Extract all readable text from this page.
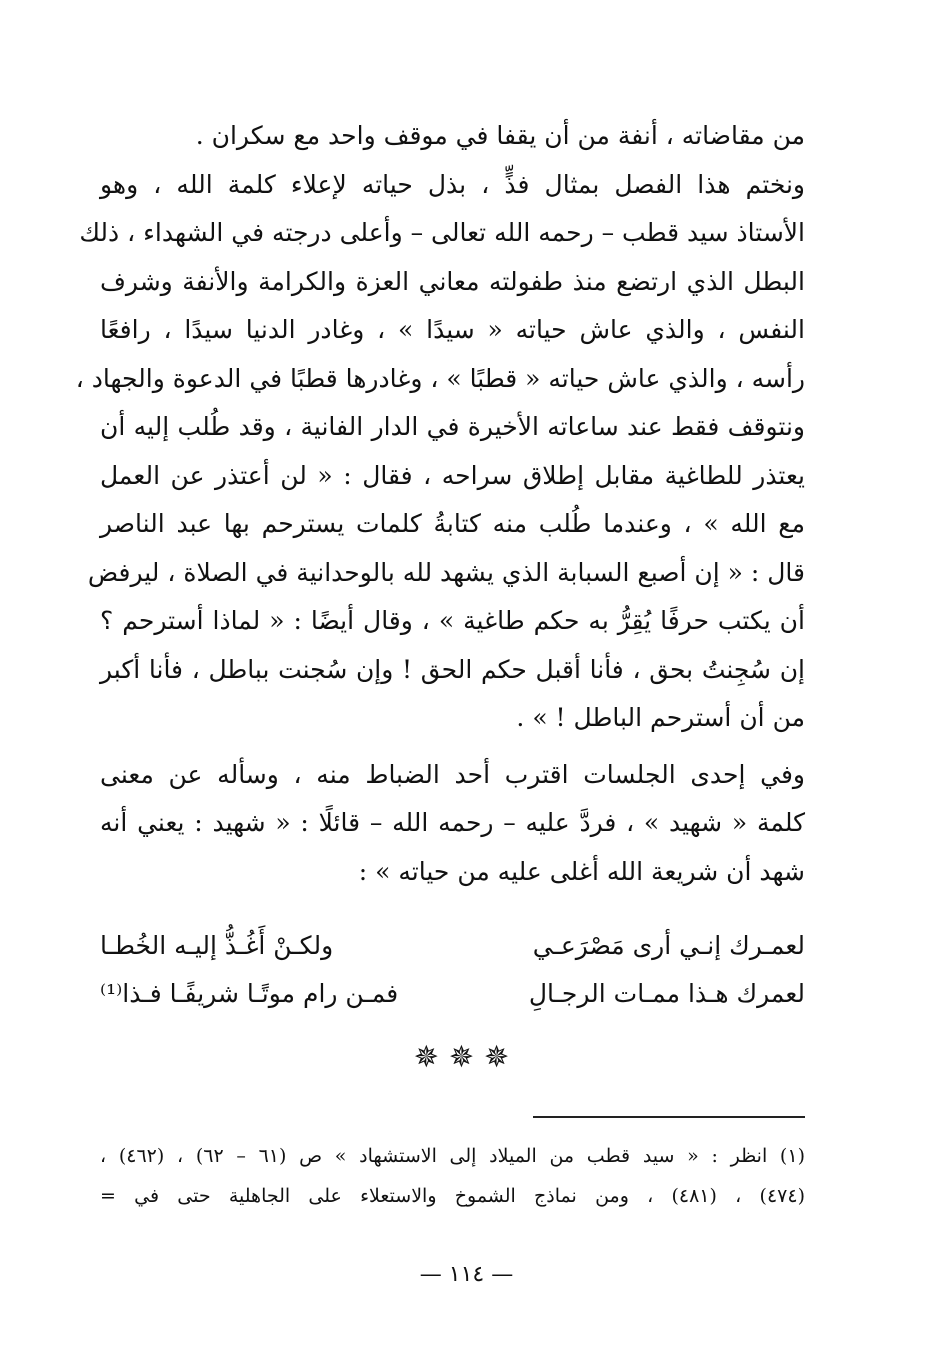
من مقاضاته ، أنفة من أن يقفا في موقف واحد مع سكران .
ونختم هذا الفصل بمثال فذٍّ ، بذل حياته لإعلاء كلمة الله ، وهو
الأستاذ سيد قطب – رحمه الله تعالى – وأعلى درجته في الشهداء ، ذلك
البطل الذي ارتضع منذ طفولته معاني العزة والكرامة والأنفة وشرف
النفس ، والذي عاش حياته « سيدًا » ، وغادر الدنيا سيدًا ، رافعًا
رأسه ، والذي عاش حياته « قطبًا » ، وغادرها قطبًا في الدعوة والجهاد ،
ونتوقف فقط عند ساعاته الأخيرة في الدار الفانية ، وقد طُلب إليه أن
يعتذر للطاغية مقابل إطلاق سراحه ، فقال : « لن أعتذر عن العمل
مع الله » ، وعندما طُلب منه كتابةُ كلمات يسترحم بها عبد الناصر
قال : « إن أصبع السبابة الذي يشهد لله بالوحدانية في الصلاة ، ليرفض
أن يكتب حرفًا يُقِرُّ به حكم طاغية » ، وقال أيضًا : « لماذا أسترحم ؟
إن سُجِنتُ بحق ، فأنا أقبل حكم الحق ! وإن سُجنت بباطل ، فأنا أكبر
من أن أسترحم الباطل ! » .
وفي إحدى الجلسات اقترب أحد الضباط منه ، وسأله عن معنى
كلمة « شهيد » ، فردَّ عليه – رحمه الله – قائلًا : « شهيد : يعني أنه
شهد أن شريعة الله أغلى عليه من حياته » :
لعمـرك إنـي أرى مَصْرَعـي
ولكـنْ أَغُـذُّ إليـه الخُطـا
لعمرك هـذا ممـات الرجـالِ
فمـن رام موتًـا شريفًـا فـذا⁽¹⁾
✵✵✵
(١) انظر : « سيد قطب من الميلاد إلى الاستشهاد » ص (٦١ – ٦٢) ، (٤٦٢) ،
(٤٧٤) ، (٤٨١) ، ومن نماذج الشموخ والاستعلاء على الجاهلية حتى في =
— ١١٤ —
